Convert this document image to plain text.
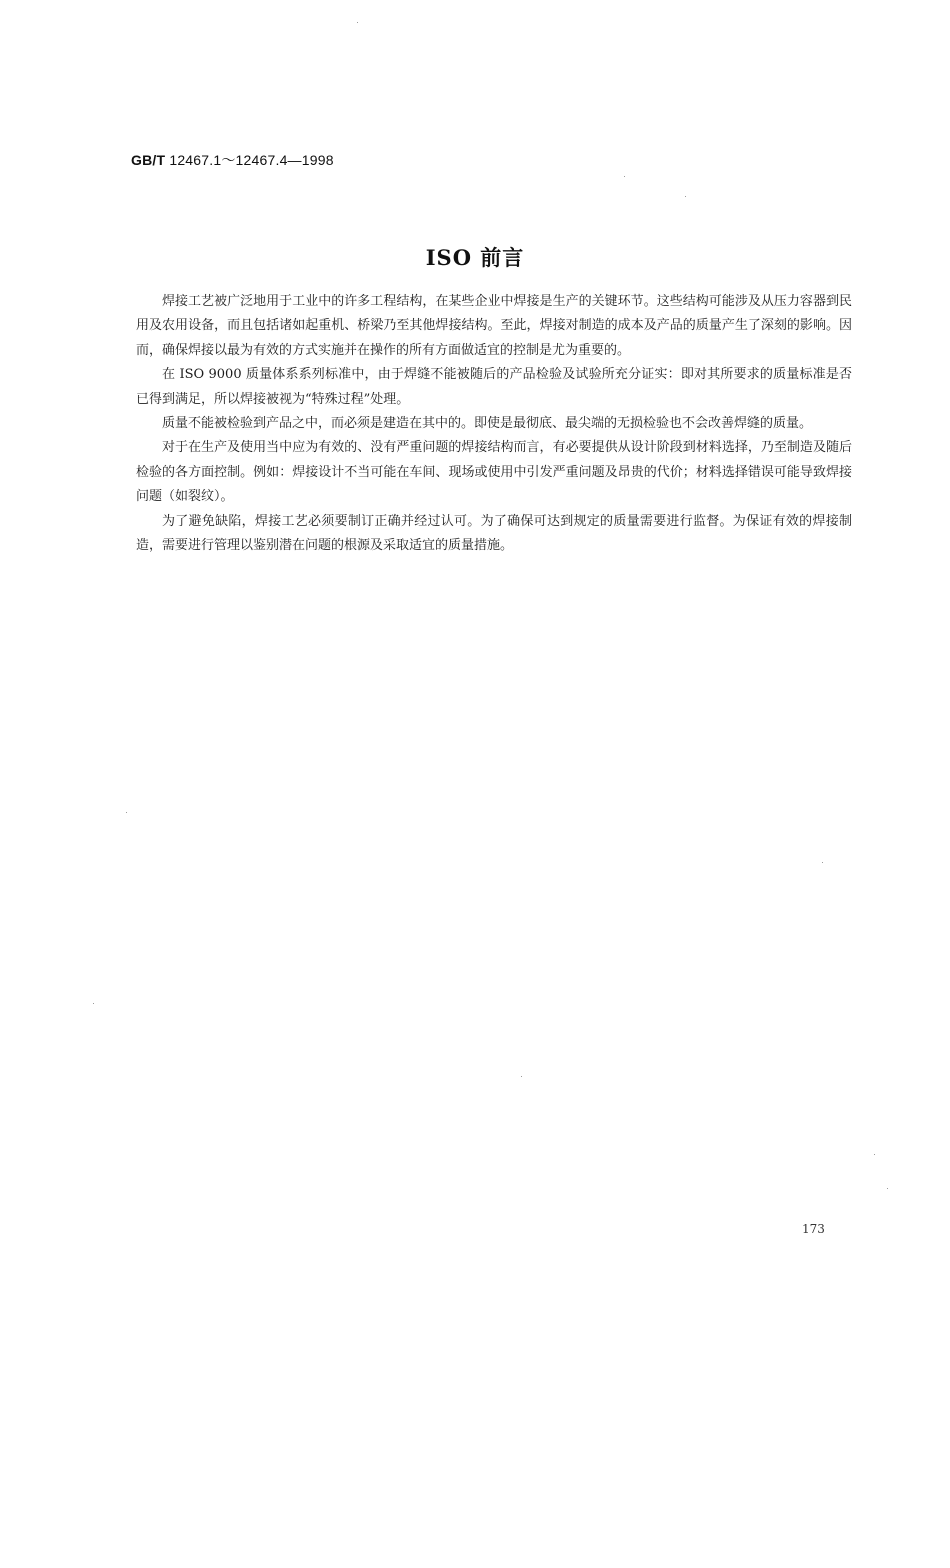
GB/T 12467.1～12467.4—1998
ISO 前言

焊接工艺被广泛地用于工业中的许多工程结构，在某些企业中焊接是生产的关键环节。这些结构可能涉及从压力容器到民用及农用设备，而且包括诸如起重机、桥梁乃至其他焊接结构。至此，焊接对制造的成本及产品的质量产生了深刻的影响。因而，确保焊接以最为有效的方式实施并在操作的所有方面做适宜的控制是尤为重要的。

在 ISO 9000 质量体系系列标准中，由于焊缝不能被随后的产品检验及试验所充分证实：即对其所要求的质量标准是否已得到满足，所以焊接被视为“特殊过程”处理。

质量不能被检验到产品之中，而必须是建造在其中的。即使是最彻底、最尖端的无损检验也不会改善焊缝的质量。

对于在生产及使用当中应为有效的、没有严重问题的焊接结构而言，有必要提供从设计阶段到材料选择，乃至制造及随后检验的各方面控制。例如：焊接设计不当可能在车间、现场或使用中引发严重问题及昂贵的代价；材料选择错误可能导致焊接问题（如裂纹）。

为了避免缺陷，焊接工艺必须要制订正确并经过认可。为了确保可达到规定的质量需要进行监督。为保证有效的焊接制造，需要进行管理以鉴别潜在问题的根源及采取适宜的质量措施。

173
